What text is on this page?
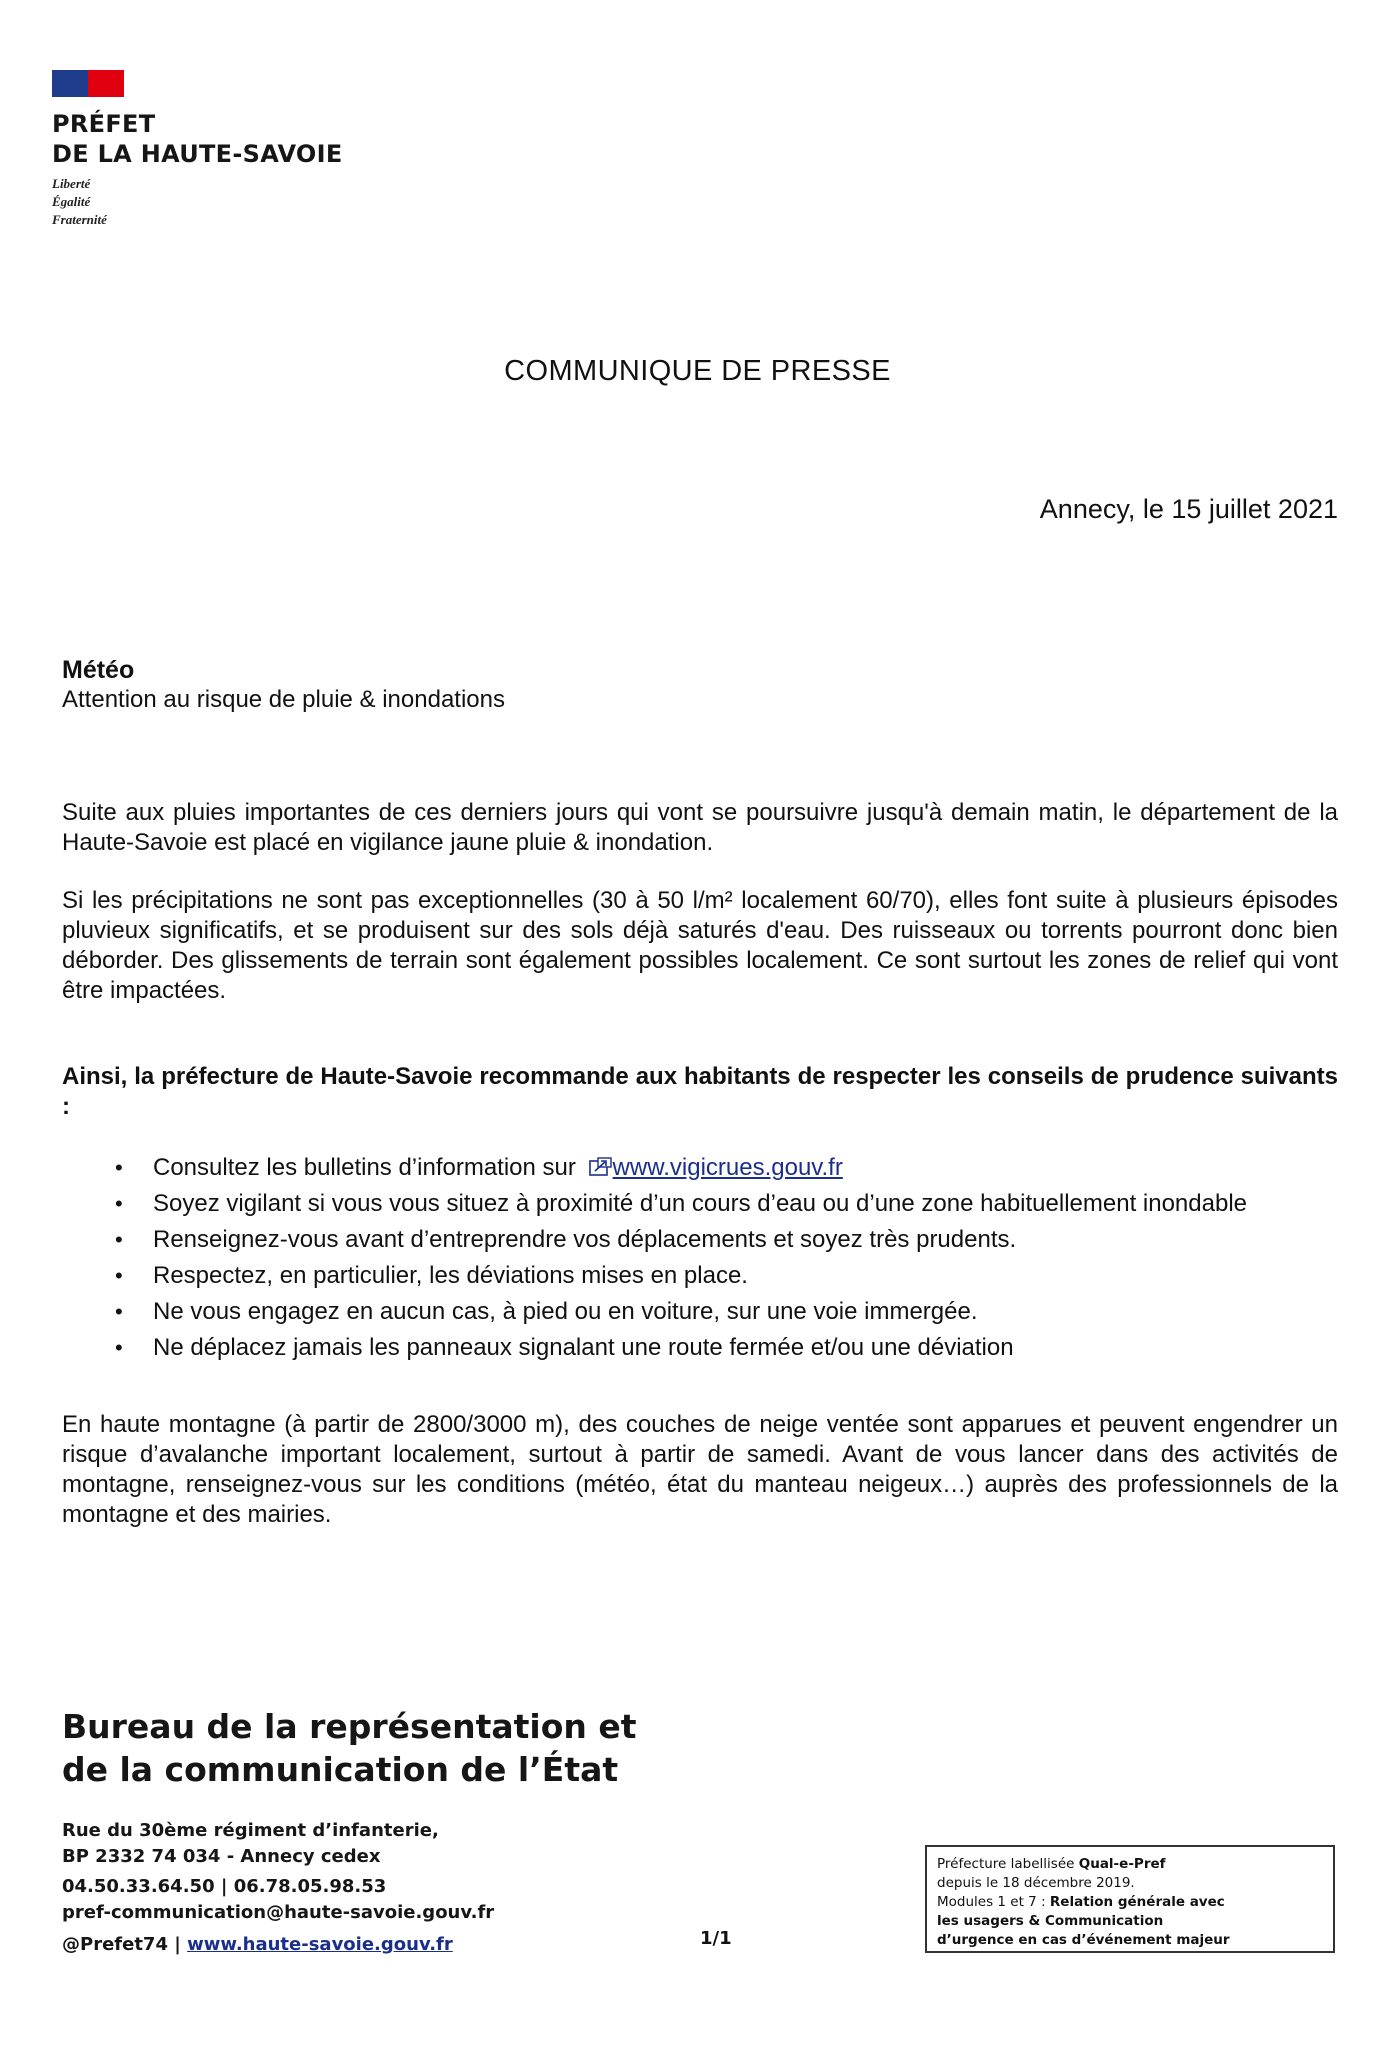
PRÉFET
DE LA HAUTE-SAVOIE
Liberté
Égalité
Fraternité
COMMUNIQUE DE PRESSE
Annecy, le 15 juillet 2021
Météo
Attention au risque de pluie & inondations
Suite aux pluies importantes de ces derniers jours qui vont se poursuivre jusqu'à demain matin, le département de la Haute-Savoie est placé en vigilance jaune pluie & inondation.
Si les précipitations ne sont pas exceptionnelles (30 à 50 l/m² localement 60/70), elles font suite à plusieurs épisodes pluvieux significatifs, et se produisent sur des sols déjà saturés d'eau. Des ruisseaux ou torrents pourront donc bien déborder. Des glissements de terrain sont également possibles localement. Ce sont surtout les zones de relief qui vont être impactées.
Ainsi, la préfecture de Haute-Savoie recommande aux habitants de respecter les conseils de prudence suivants :
• Consultez les bulletins d’information sur www.vigicrues.gouv.fr
• Soyez vigilant si vous vous situez à proximité d’un cours d’eau ou d’une zone habituellement inondable
• Renseignez-vous avant d’entreprendre vos déplacements et soyez très prudents.
• Respectez, en particulier, les déviations mises en place.
• Ne vous engagez en aucun cas, à pied ou en voiture, sur une voie immergée.
• Ne déplacez jamais les panneaux signalant une route fermée et/ou une déviation
En haute montagne (à partir de 2800/3000 m), des couches de neige ventée sont apparues et peuvent engendrer un risque d’avalanche important localement, surtout à partir de samedi. Avant de vous lancer dans des activités de montagne, renseignez-vous sur les conditions (météo, état du manteau neigeux…) auprès des professionnels de la montagne et des mairies.
Bureau de la représentation et
de la communication de l’État
Rue du 30ème régiment d’infanterie,
BP 2332 74 034 - Annecy cedex
04.50.33.64.50 | 06.78.05.98.53
pref-communication@haute-savoie.gouv.fr
@Prefet74 | www.haute-savoie.gouv.fr	1/1
Préfecture labellisée Qual-e-Pref
depuis le 18 décembre 2019.
Modules 1 et 7 : Relation générale avec
les usagers & Communication
d’urgence en cas d’événement majeur
